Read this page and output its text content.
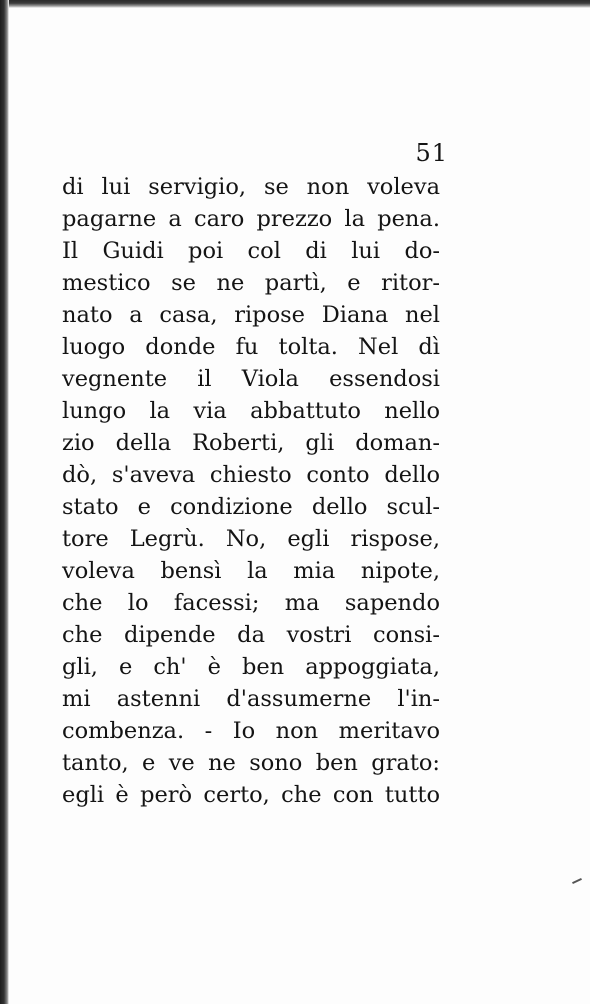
51
di lui servigio, se non voleva
pagarne a caro prezzo la pena.
Il Guidi poi col di lui do-
mestico se ne partì, e ritor-
nato a casa, ripose Diana nel
luogo donde fu tolta. Nel dì
vegnente il Viola essendosi
lungo la via abbattuto nello
zio della Roberti, gli doman-
dò, s'aveva chiesto conto dello
stato e condizione dello scul-
tore Legrù. No, egli rispose,
voleva bensì la mia nipote,
che lo facessi; ma sapendo
che dipende da vostri consi-
gli, e ch' è ben appoggiata,
mi astenni d'assumerne l'in-
combenza. - Io non meritavo
tanto, e ve ne sono ben grato:
egli è però certo, che con tutto
